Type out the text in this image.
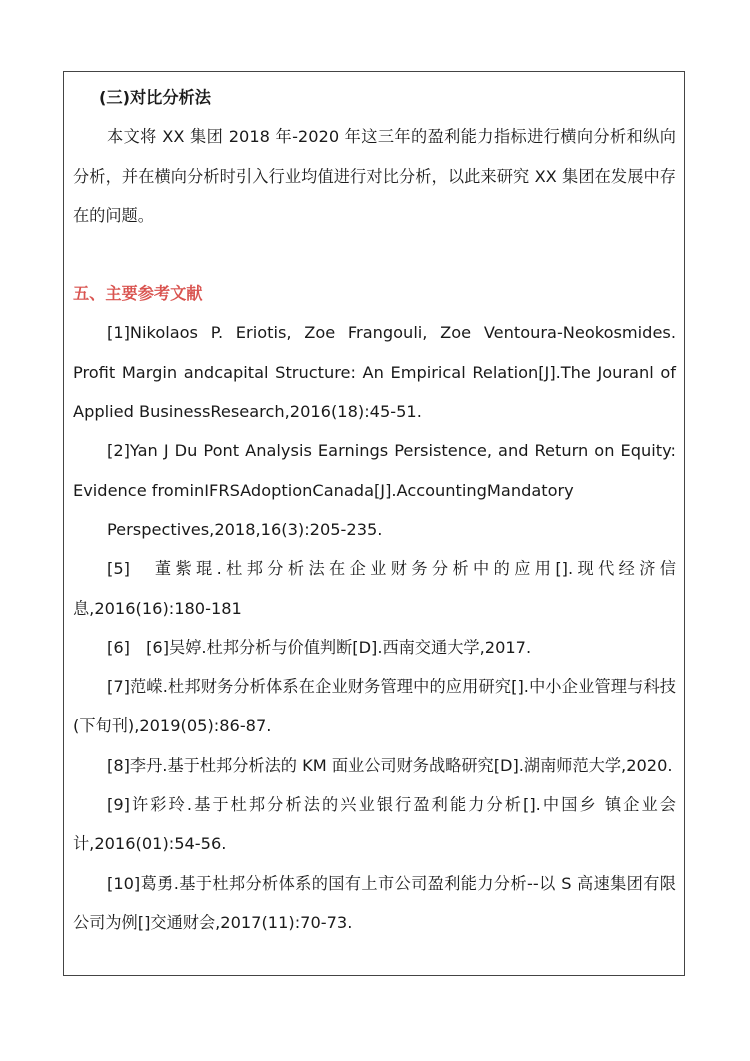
(三)对比分析法

本文将 XX 集团 2018 年-2020 年这三年的盈利能力指标进行横向分析和纵向分析，并在横向分析时引入行业均值进行对比分析，以此来研究 XX 集团在发展中存在的问题。

五、主要参考文献

[1]Nikolaos P. Eriotis, Zoe Frangouli, Zoe Ventoura-Neokosmides. Profit Margin andcapital Structure: An Empirical Relation[J].The Jouranl of Applied BusinessResearch,2016(18):45-51.

[2]Yan J Du Pont Analysis Earnings Persistence, and Return on Equity: Evidence frominIFRSAdoptionCanada[J].AccountingMandatory

Perspectives,2018,16(3):205-235.

[5]　董紫琨.杜邦分析法在企业财务分析中的应用[].现代经济信息,2016(16):180-181

[6]　[6]吴婷.杜邦分析与价值判断[D].西南交通大学,2017.

[7]范嵘.杜邦财务分析体系在企业财务管理中的应用研究[].中小企业管理与科技(下旬刊),2019(05):86-87.

[8]李丹.基于杜邦分析法的 KM 面业公司财务战略研究[D].湖南师范大学,2020.

[9]许彩玲.基于杜邦分析法的兴业银行盈利能力分析[].中国乡 镇企业会计,2016(01):54-56.

[10]葛勇.基于杜邦分析体系的国有上市公司盈利能力分析--以 S 高速集团有限公司为例[]交通财会,2017(11):70-73.
